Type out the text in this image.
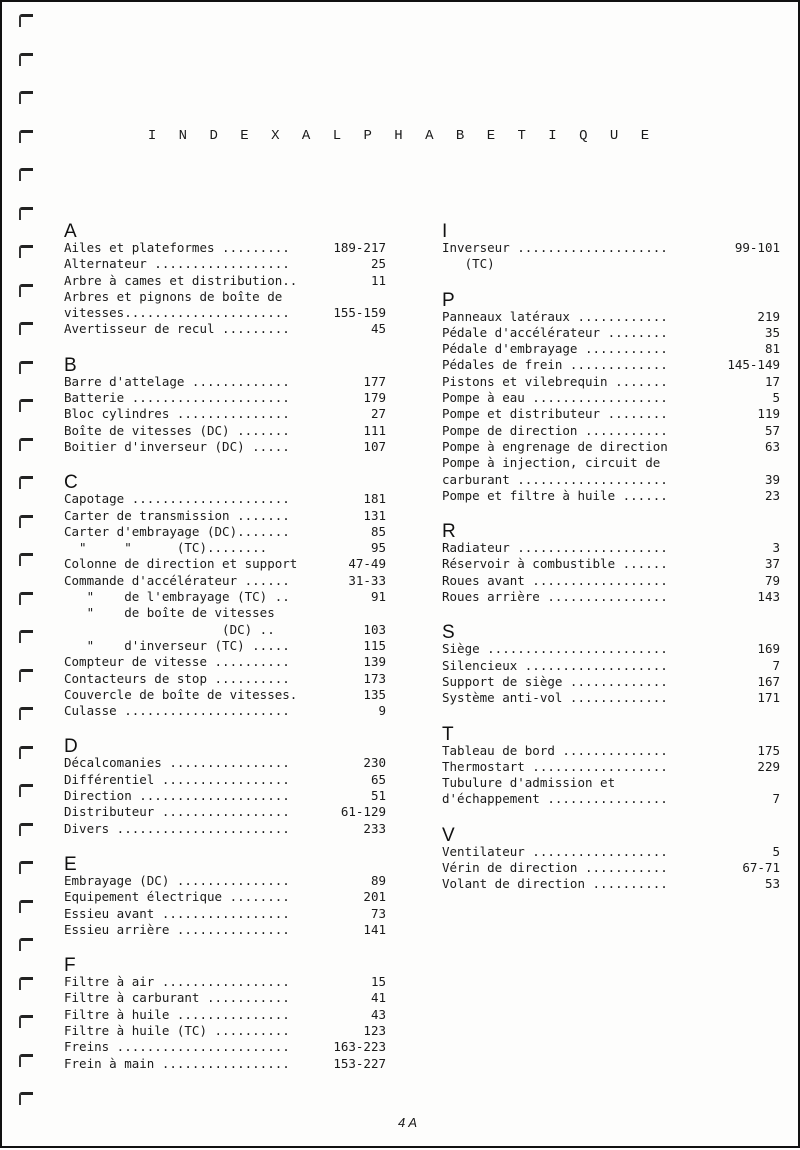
I N D E X A L P H A B E T I Q U E
A
Ailes et plateformes .........	189-217
Alternateur ..................	25
Arbre à cames et distribution..	11
Arbres et pignons de boîte de
vitesses......................	155-159
Avertisseur de recul .........	45
B
Barre d'attelage .............	177
Batterie .....................	179
Bloc cylindres ...............	27
Boîte de vitesses (DC) .......	111
Boitier d'inverseur (DC) .....	107
C
Capotage .....................	181
Carter de transmission .......	131
Carter d'embrayage (DC).......	85
"     "      (TC)........	95
Colonne de direction et support	47-49
Commande d'accélérateur ......	31-33
"    de l'embrayage (TC) ..	91
"    de boîte de vitesses
(DC) ..	103
"    d'inverseur (TC) .....	115
Compteur de vitesse ..........	139
Contacteurs de stop ..........	173
Couvercle de boîte de vitesses.	135
Culasse ......................	9
D
Décalcomanies ................	230
Différentiel .................	65
Direction ....................	51
Distributeur .................	61-129
Divers .......................	233
E
Embrayage (DC) ...............	89
Equipement électrique ........	201
Essieu avant .................	73
Essieu arrière ...............	141
F
Filtre à air .................	15
Filtre à carburant ...........	41
Filtre à huile ...............	43
Filtre à huile (TC) ..........	123
Freins .......................	163-223
Frein à main .................	153-227
I
Inverseur ....................	99-101
(TC)
P
Panneaux latéraux ............	219
Pédale d'accélérateur ........	35
Pédale d'embrayage ...........	81
Pédales de frein .............	145-149
Pistons et vilebrequin .......	17
Pompe à eau ..................	5
Pompe et distributeur ........	119
Pompe de direction ...........	57
Pompe à engrenage de direction	63
Pompe à injection, circuit de
carburant ....................	39
Pompe et filtre à huile ......	23
R
Radiateur ....................	3
Réservoir à combustible ......	37
Roues avant ..................	79
Roues arrière ................	143
S
Siège ........................	169
Silencieux ...................	7
Support de siège .............	167
Système anti-vol .............	171
T
Tableau de bord ..............	175
Thermostart ..................	229
Tubulure d'admission et
d'échappement ................	7
V
Ventilateur ..................	5
Vérin de direction ...........	67-71
Volant de direction ..........	53
4 A
